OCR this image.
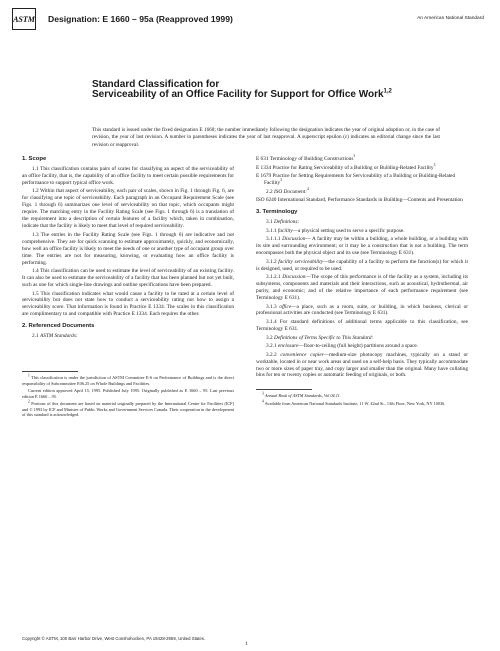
ASTM Designation: E 1660 – 95a (Reapproved 1999)	An American National Standard
Standard Classification for
Serviceability of an Office Facility for Support for Office Work$^{1,2}$
This standard is issued under the fixed designation E 1660; the number immediately following the designation indicates the year of original adoption or, in the case of revision, the year of last revision. A number in parentheses indicates the year of last reapproval. A superscript epsilon (ε) indicates an editorial change since the last revision or reapproval.

1. Scope

1.1 This classification contains pairs of scales for classifying an aspect of the serviceability of an office facility, that is, the capability of an office facility to meet certain possible requirements for performance to support typical office work.

1.2 Within that aspect of serviceability, each pair of scales, shown in Fig. 1 through Fig. 6, are for classifying one topic of serviceability. Each paragraph in an Occupant Requirement Scale (see Figs. 1 through 6) summarizes one level of serviceability on that topic, which occupants might require. The matching entry in the Facility Rating Scale (see Figs. 1 through 6) is a translation of the requirement into a description of certain features of a facility which, taken in combination, indicate that the facility is likely to meet that level of required serviceability.

1.3 The entries in the Facility Rating Scale (see Figs. 1 through 6) are indicative and not comprehensive. They are for quick scanning to estimate approximately, quickly, and economically, how well an office facility is likely to meet the needs of one or another type of occupant group over time. The entries are not for measuring, knowing, or evaluating how an office facility is performing.

1.4 This classification can be used to estimate the level of serviceability of an existing facility. It can also be used to estimate the serviceability of a facility that has been planned but not yet built, such as one for which single-line drawings and outline specifications have been prepared.

1.5 This classification indicates what would cause a facility to be rated at a certain level of serviceability but does not state how to conduct a serviceability rating nor how to assign a serviceability score. That information is found in Practice E 1334. The scales in this classification are complimentary to and compatible with Practice E 1334. Each requires the other.

2. Referenced Documents

2.1 ASTM Standards:

$^1$ This classification is under the jurisdiction of ASTM Committee E-6 on Performance of Buildings and is the direct responsibility of Subcommittee E06.25 on Whole Buildings and Facilities.

Current edition approved April 15, 1995. Published July 1995. Originally published as E 1660 – 95. Last previous edition E 1660 – 95.

$^2$ Portions of this document are based on material originally prepared by the International Centre for Facilities (ICF) and © 1993 by ICF and Minister of Public Works and Government Services Canada. Their cooperation in the development of this standard is acknowledged.

E 631 Terminology of Building Constructions$^3$

E 1334 Practice for Rating Serviceability of a Building or Building-Related Facility$^3$

E 1679 Practice for Setting Requirements for Serviceability of a Building or Building-Related Facility$^3$

2.2 ISO Document:$^4$

ISO 6240 International Standard, Performance Standards in Building—Contents and Presentation

3. Terminology

3.1 Definitions:

3.1.1 facility—a physical setting used to serve a specific purpose.

3.1.1.1 Discussion— A facility may be within a building, a whole building, or a building with its site and surrounding environment; or it may be a construction that is not a building. The term encompasses both the physical object and its use (see Terminology E 631).

3.1.2 facility serviceability—the capability of a facility to perform the function(s) for which it is designed, used, or required to be used.

3.1.2.1 Discussion—The scope of this performance is of the facility as a system, including its subsystems, components and materials and their interactions, such as acoustical, hydrothermal, air purity, and economic; and of the relative importance of each performance requirement (see Terminology E 631).

3.1.3 office—a place, such as a room, suite, or building, in which business, clerical or professional activities are conducted (see Terminology E 631).

3.1.4 For standard definitions of additional terms applicable to this classification, see Terminology E 631.

3.2 Definitions of Terms Specific to This Standard:

3.2.1 enclosure—floor-to-ceiling (full height) partitions around a space.

3.2.2 convenience copier—medium-size photocopy machines, typically on a stand or worktable, located in or near work areas and used on a self-help basis. They typically accommodate two or more sizes of paper tray, and copy larger and smaller than the original. Many have collating bins for ten or twenty copies or automatic feeding of originals, or both.

$^3$ Annual Book of ASTM Standards, Vol 04.11.

$^4$ Available from American National Standards Institute, 11 W. 42nd St., 13th Floor, New York, NY 10036.

Copyright © ASTM, 100 Barr Harbor Drive, West Conshohocken, PA 19428-2959, United States.
1
